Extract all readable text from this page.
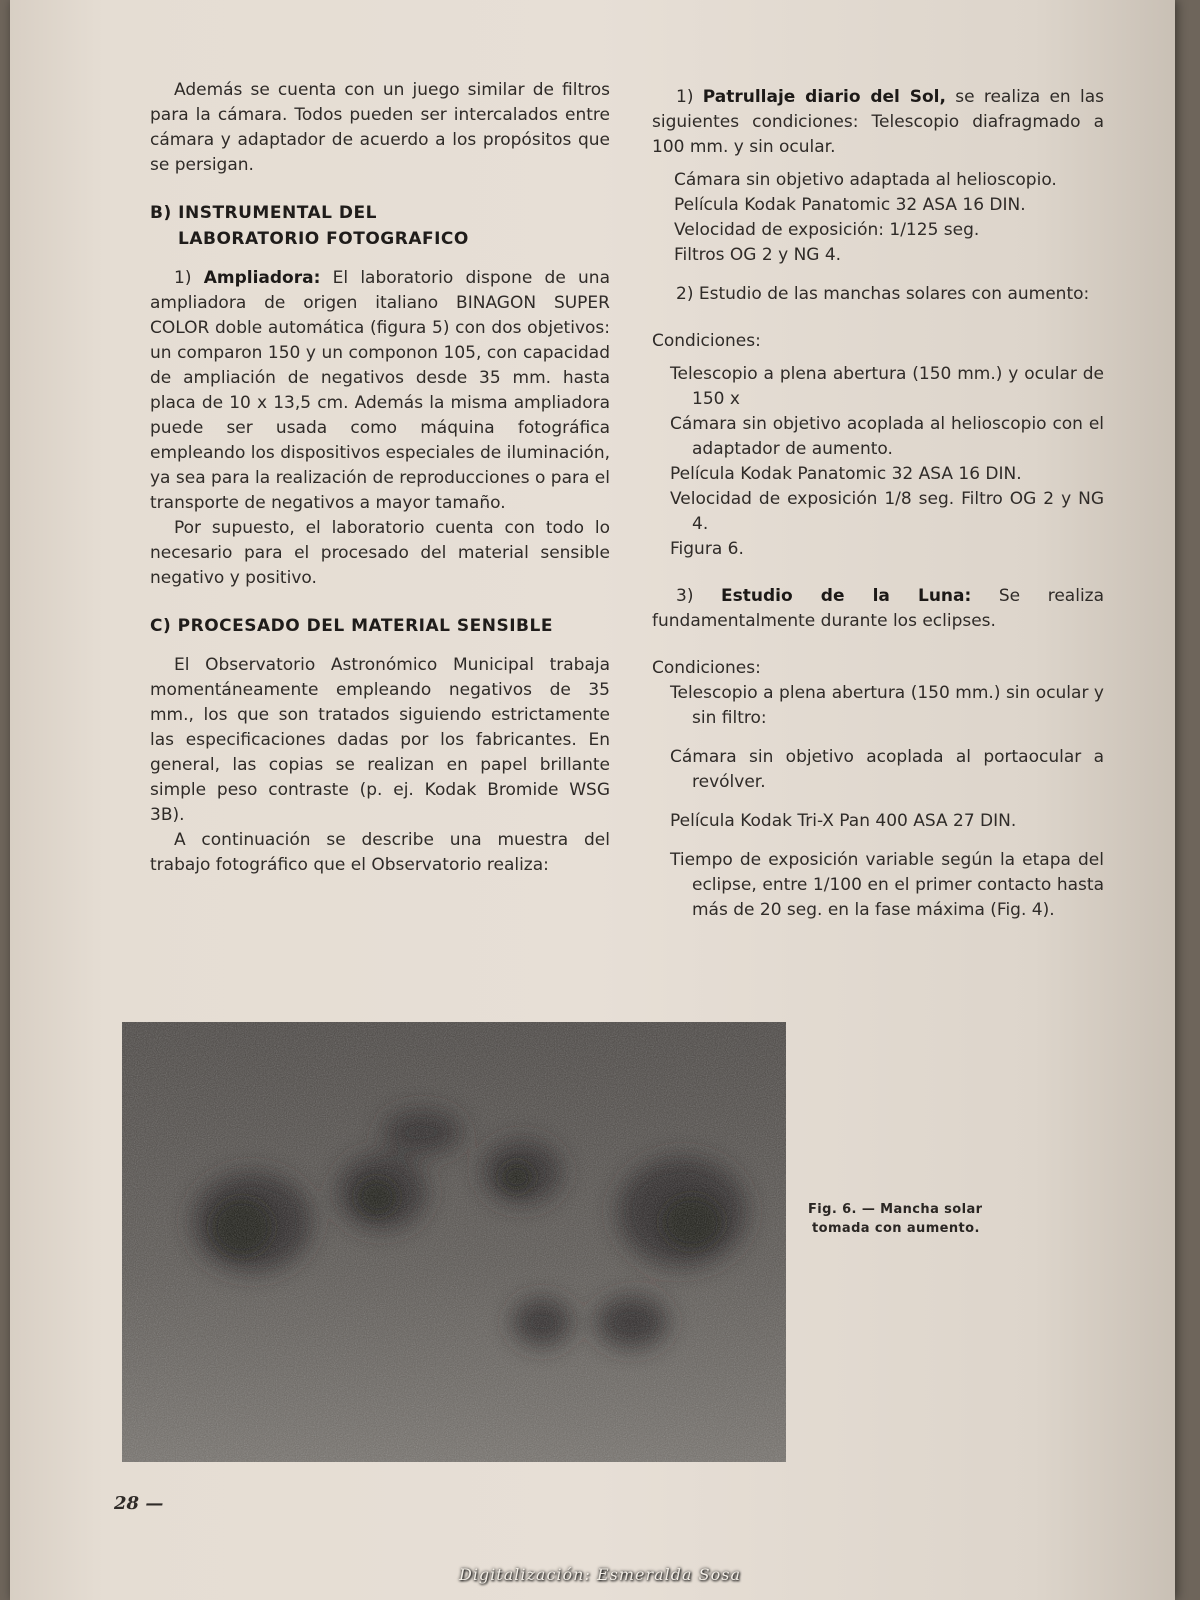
Además se cuenta con un juego similar de filtros para la cámara. Todos pueden ser intercalados entre cámara y adaptador de acuerdo a los propósitos que se persigan.

B) INSTRUMENTAL DEL
LABORATORIO FOTOGRAFICO

1) Ampliadora: El laboratorio dispone de una ampliadora de origen italiano BINAGON SUPER COLOR doble automática (figura 5) con dos objetivos: un comparon 150 y un componon 105, con capacidad de ampliación de negativos desde 35 mm. hasta placa de 10 x 13,5 cm. Además la misma ampliadora puede ser usada como máquina fotográfica empleando los dispositivos especiales de iluminación, ya sea para la realización de reproducciones o para el transporte de negativos a mayor tamaño.

Por supuesto, el laboratorio cuenta con todo lo necesario para el procesado del material sensible negativo y positivo.

C) PROCESADO DEL MATERIAL SENSIBLE

El Observatorio Astronómico Municipal trabaja momentáneamente empleando negativos de 35 mm., los que son tratados siguiendo estrictamente las especificaciones dadas por los fabricantes. En general, las copias se realizan en papel brillante simple peso contraste (p. ej. Kodak Bromide WSG 3B).

A continuación se describe una muestra del trabajo fotográfico que el Observatorio realiza:

1) Patrullaje diario del Sol, se realiza en las siguientes condiciones: Telescopio diafragmado a 100 mm. y sin ocular.

Cámara sin objetivo adaptada al helioscopio.
Película Kodak Panatomic 32 ASA 16 DIN.
Velocidad de exposición: 1/125 seg.
Filtros OG 2 y NG 4.

2) Estudio de las manchas solares con aumento:

Condiciones:

Telescopio a plena abertura (150 mm.) y ocular de 150 x

Cámara sin objetivo acoplada al helioscopio con el adaptador de aumento.

Película Kodak Panatomic 32 ASA 16 DIN.

Velocidad de exposición 1/8 seg. Filtro OG 2 y NG 4.

Figura 6.

3) Estudio de la Luna: Se realiza fundamentalmente durante los eclipses.

Condiciones:

Telescopio a plena abertura (150 mm.) sin ocular y sin filtro:

Cámara sin objetivo acoplada al portaocular a revólver.

Película Kodak Tri-X Pan 400 ASA 27 DIN.

Tiempo de exposición variable según la etapa del eclipse, entre 1/100 en el primer contacto hasta más de 20 seg. en la fase máxima (Fig. 4).

Fig. 6. — Mancha solar
tomada con aumento.
28 —
Digitalización: Esmeralda Sosa
